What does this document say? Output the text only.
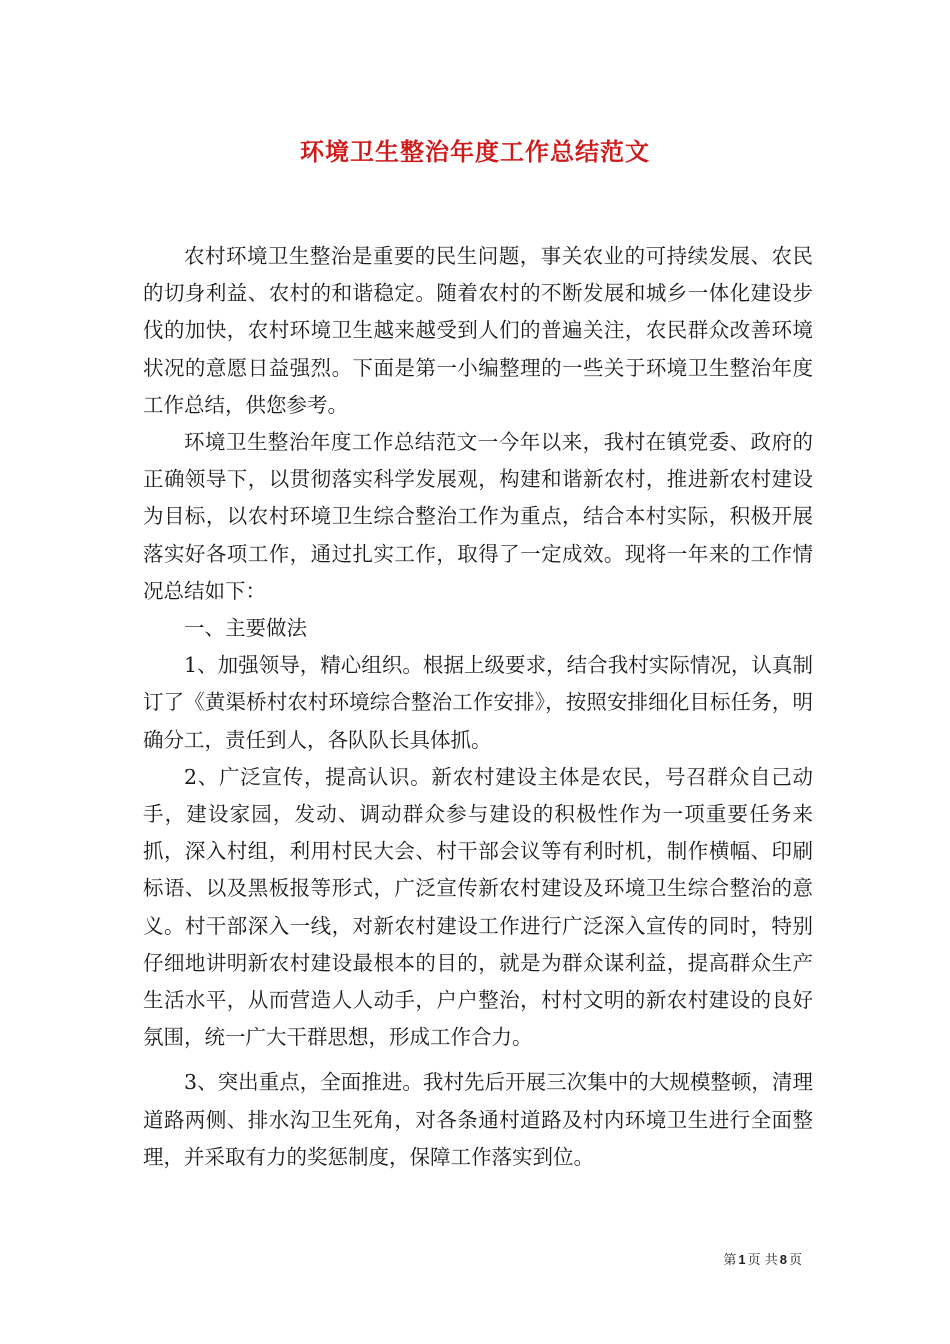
环境卫生整治年度工作总结范文

农村环境卫生整治是重要的民生问题，事关农业的可持续发展、农民的切身利益、农村的和谐稳定。随着农村的不断发展和城乡一体化建设步伐的加快，农村环境卫生越来越受到人们的普遍关注，农民群众改善环境状况的意愿日益强烈。下面是第一小编整理的一些关于环境卫生整治年度工作总结，供您参考。

环境卫生整治年度工作总结范文一今年以来，我村在镇党委、政府的正确领导下，以贯彻落实科学发展观，构建和谐新农村，推进新农村建设为目标，以农村环境卫生综合整治工作为重点，结合本村实际，积极开展落实好各项工作，通过扎实工作，取得了一定成效。现将一年来的工作情况总结如下：

一、主要做法

1、加强领导，精心组织。根据上级要求，结合我村实际情况，认真制订了《黄渠桥村农村环境综合整治工作安排》，按照安排细化目标任务，明确分工，责任到人，各队队长具体抓。

2、广泛宣传，提高认识。新农村建设主体是农民，号召群众自己动手，建设家园，发动、调动群众参与建设的积极性作为一项重要任务来抓，深入村组，利用村民大会、村干部会议等有利时机，制作横幅、印刷标语、以及黑板报等形式，广泛宣传新农村建设及环境卫生综合整治的意义。村干部深入一线，对新农村建设工作进行广泛深入宣传的同时，特别仔细地讲明新农村建设最根本的目的，就是为群众谋利益，提高群众生产生活水平，从而营造人人动手，户户整治，村村文明的新农村建设的良好氛围，统一广大干群思想，形成工作合力。

3、突出重点，全面推进。我村先后开展三次集中的大规模整顿，清理道路两侧、排水沟卫生死角，对各条通村道路及村内环境卫生进行全面整理，并采取有力的奖惩制度，保障工作落实到位。

第 1 页 共 8 页
